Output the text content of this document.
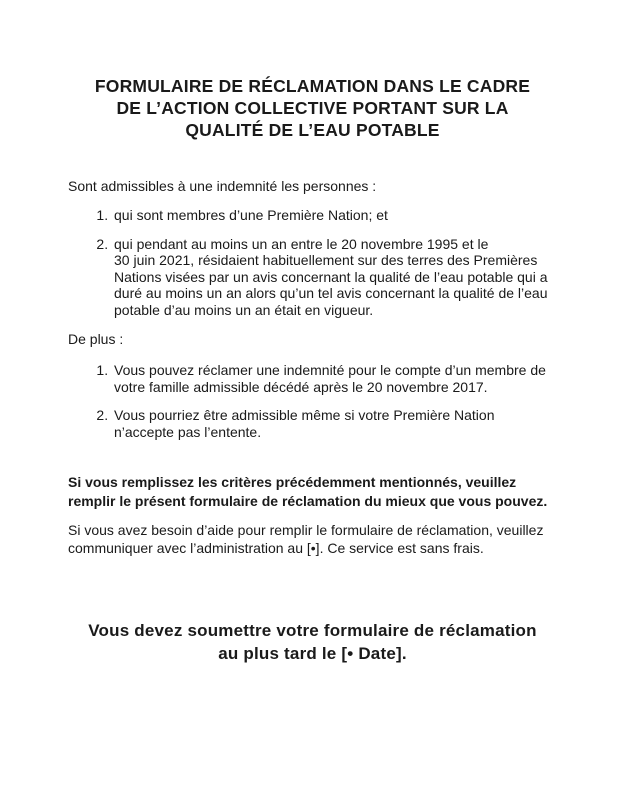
FORMULAIRE DE RÉCLAMATION DANS LE CADRE
DE L’ACTION COLLECTIVE PORTANT SUR LA
QUALITÉ DE L’EAU POTABLE

Sont admissibles à une indemnité les personnes :

1. qui sont membres d’une Première Nation; et
2. qui pendant au moins un an entre le 20 novembre 1995 et le 30 juin 2021, résidaient habituellement sur des terres des Premières Nations visées par un avis concernant la qualité de l’eau potable qui a duré au moins un an alors qu’un tel avis concernant la qualité de l’eau potable d’au moins un an était en vigueur.

De plus :

1. Vous pouvez réclamer une indemnité pour le compte d’un membre de votre famille admissible décédé après le 20 novembre 2017.
2. Vous pourriez être admissible même si votre Première Nation n’accepte pas l’entente.

Si vous remplissez les critères précédemment mentionnés, veuillez remplir le présent formulaire de réclamation du mieux que vous pouvez.

Si vous avez besoin d’aide pour remplir le formulaire de réclamation, veuillez communiquer avec l’administration au [•]. Ce service est sans frais.

Vous devez soumettre votre formulaire de réclamation
au plus tard le [• Date].
